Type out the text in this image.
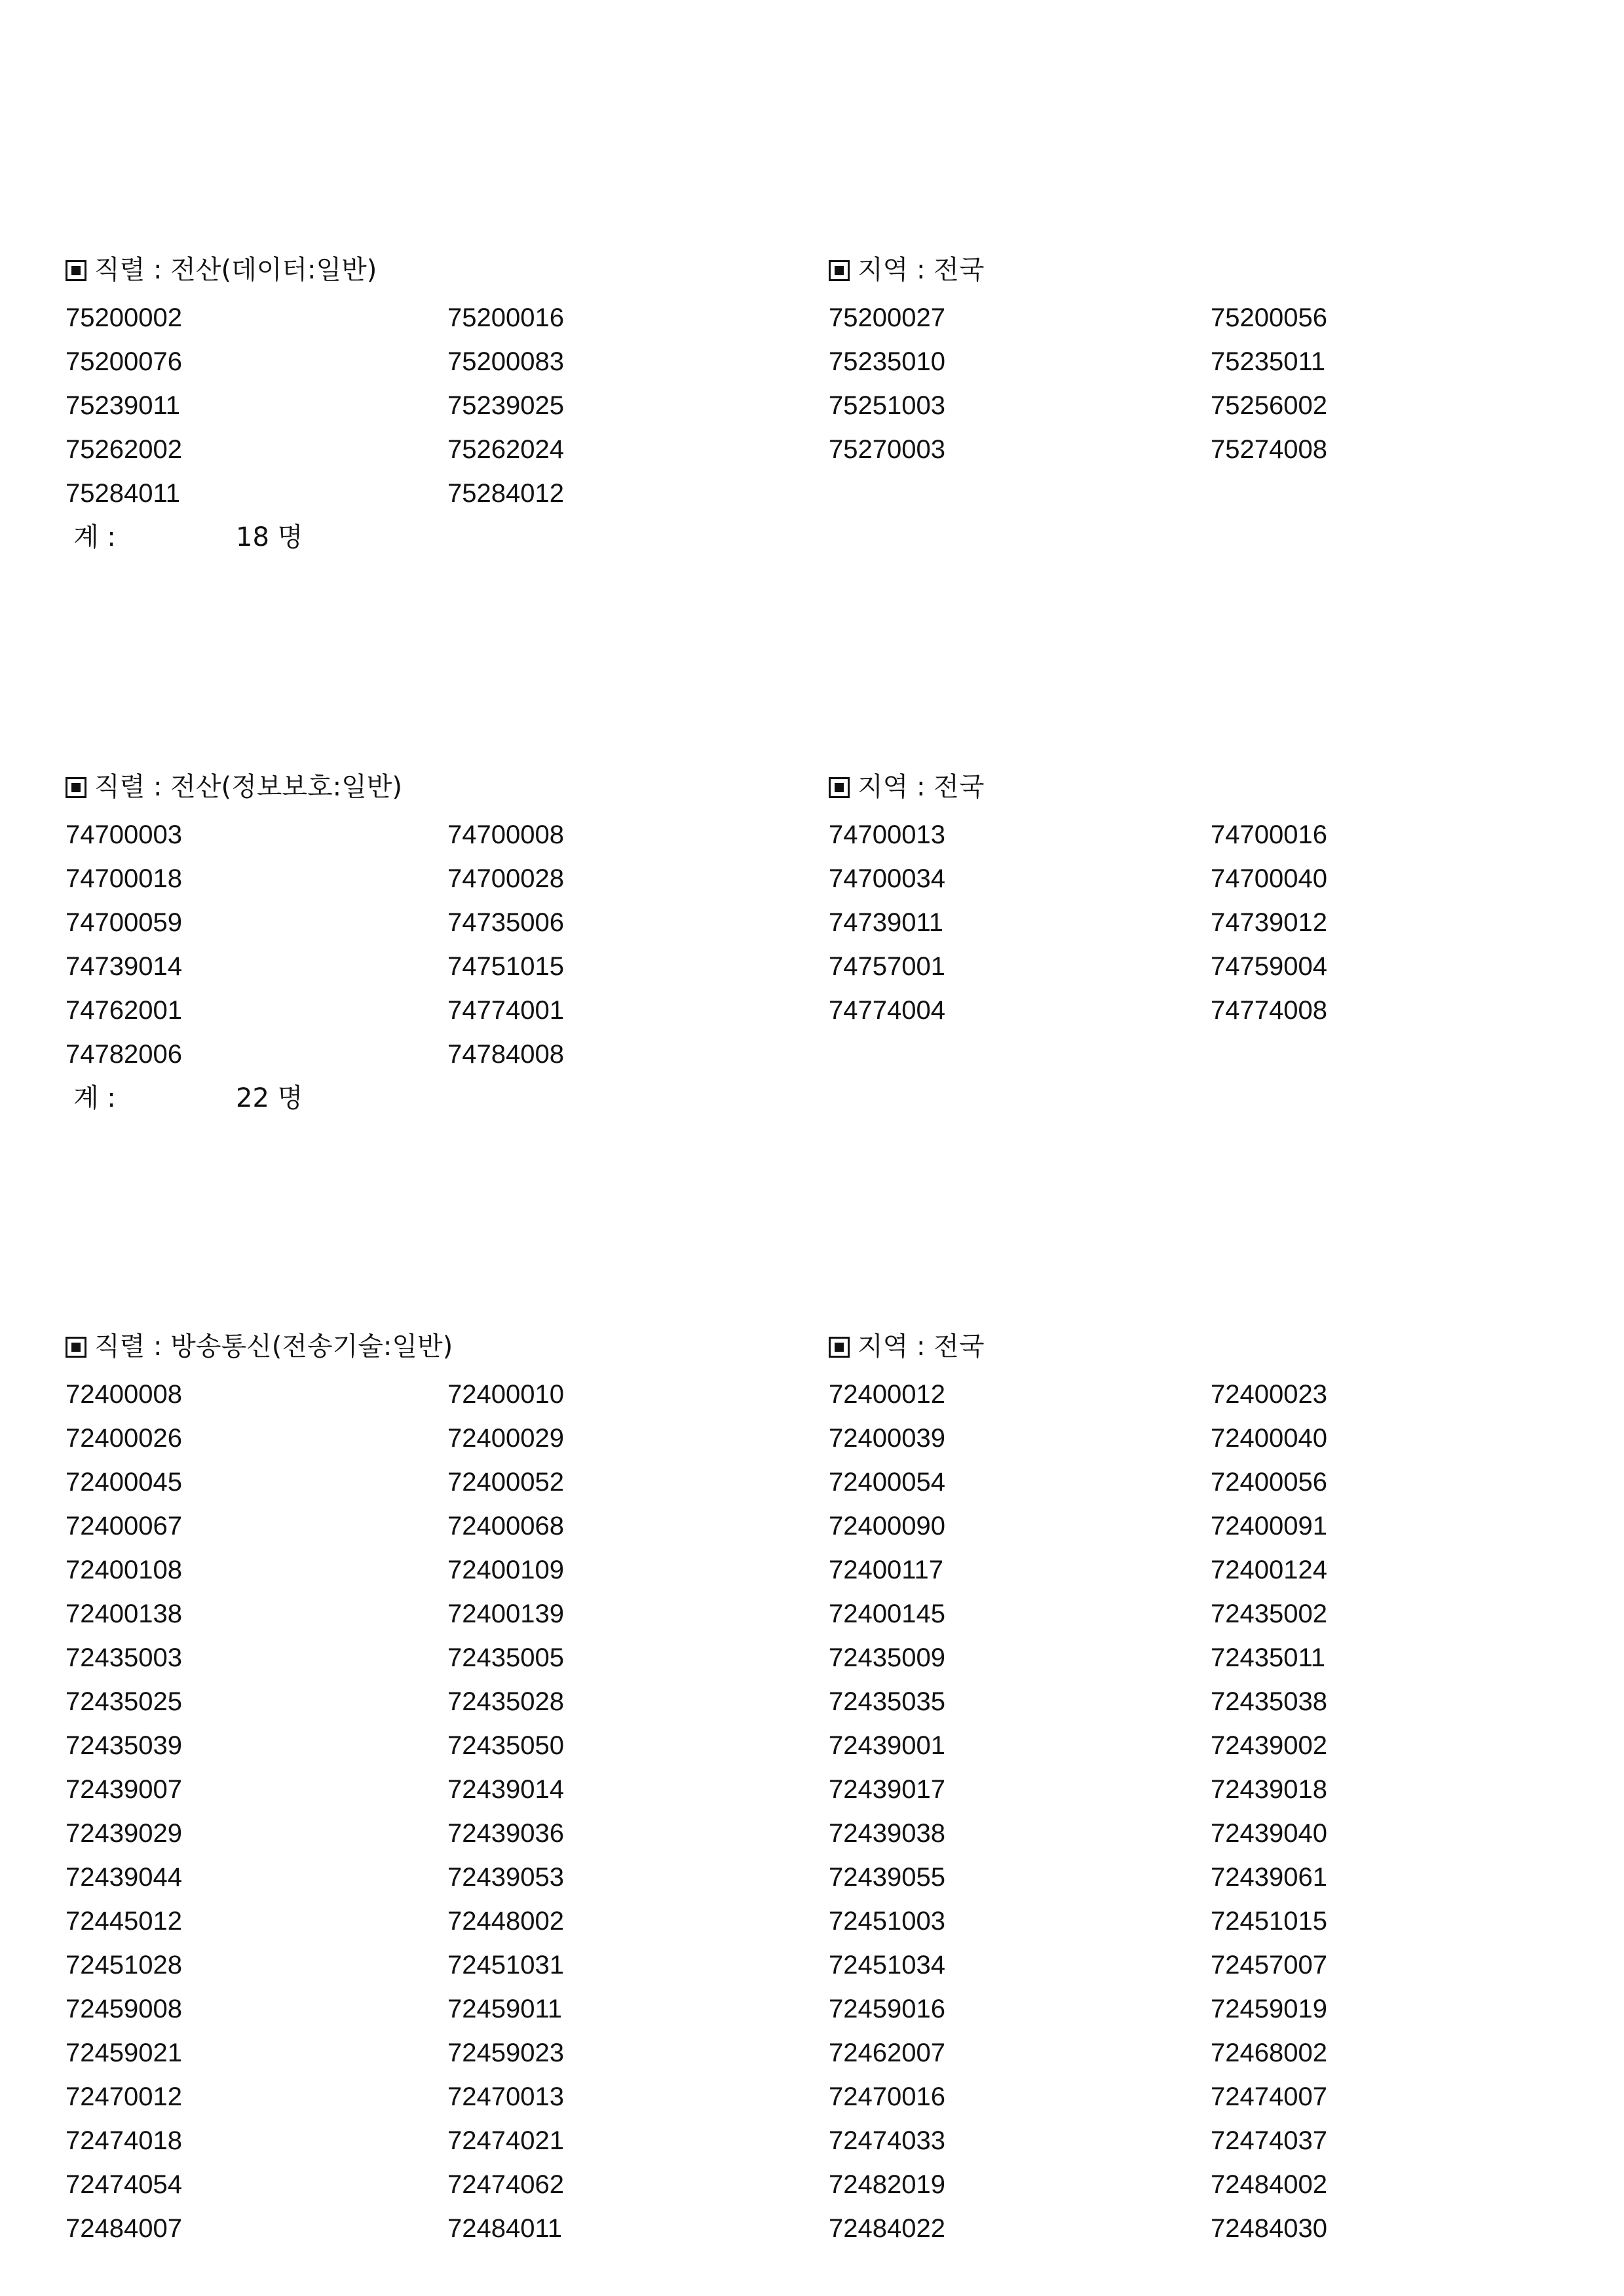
직렬 : 전산(데이터:일반)	지역 : 전국
75200002	75200016	75200027	75200056
75200076	75200083	75235010	75235011
75239011	75239025	75251003	75256002
75262002	75262024	75270003	75274008
75284011	75284012
계 :	18 명
직렬 : 전산(정보보호:일반)	지역 : 전국
74700003	74700008	74700013	74700016
74700018	74700028	74700034	74700040
74700059	74735006	74739011	74739012
74739014	74751015	74757001	74759004
74762001	74774001	74774004	74774008
74782006	74784008
계 :	22 명
직렬 : 방송통신(전송기술:일반)	지역 : 전국
72400008	72400010	72400012	72400023
72400026	72400029	72400039	72400040
72400045	72400052	72400054	72400056
72400067	72400068	72400090	72400091
72400108	72400109	72400117	72400124
72400138	72400139	72400145	72435002
72435003	72435005	72435009	72435011
72435025	72435028	72435035	72435038
72435039	72435050	72439001	72439002
72439007	72439014	72439017	72439018
72439029	72439036	72439038	72439040
72439044	72439053	72439055	72439061
72445012	72448002	72451003	72451015
72451028	72451031	72451034	72457007
72459008	72459011	72459016	72459019
72459021	72459023	72462007	72468002
72470012	72470013	72470016	72474007
72474018	72474021	72474033	72474037
72474054	72474062	72482019	72484002
72484007	72484011	72484022	72484030
